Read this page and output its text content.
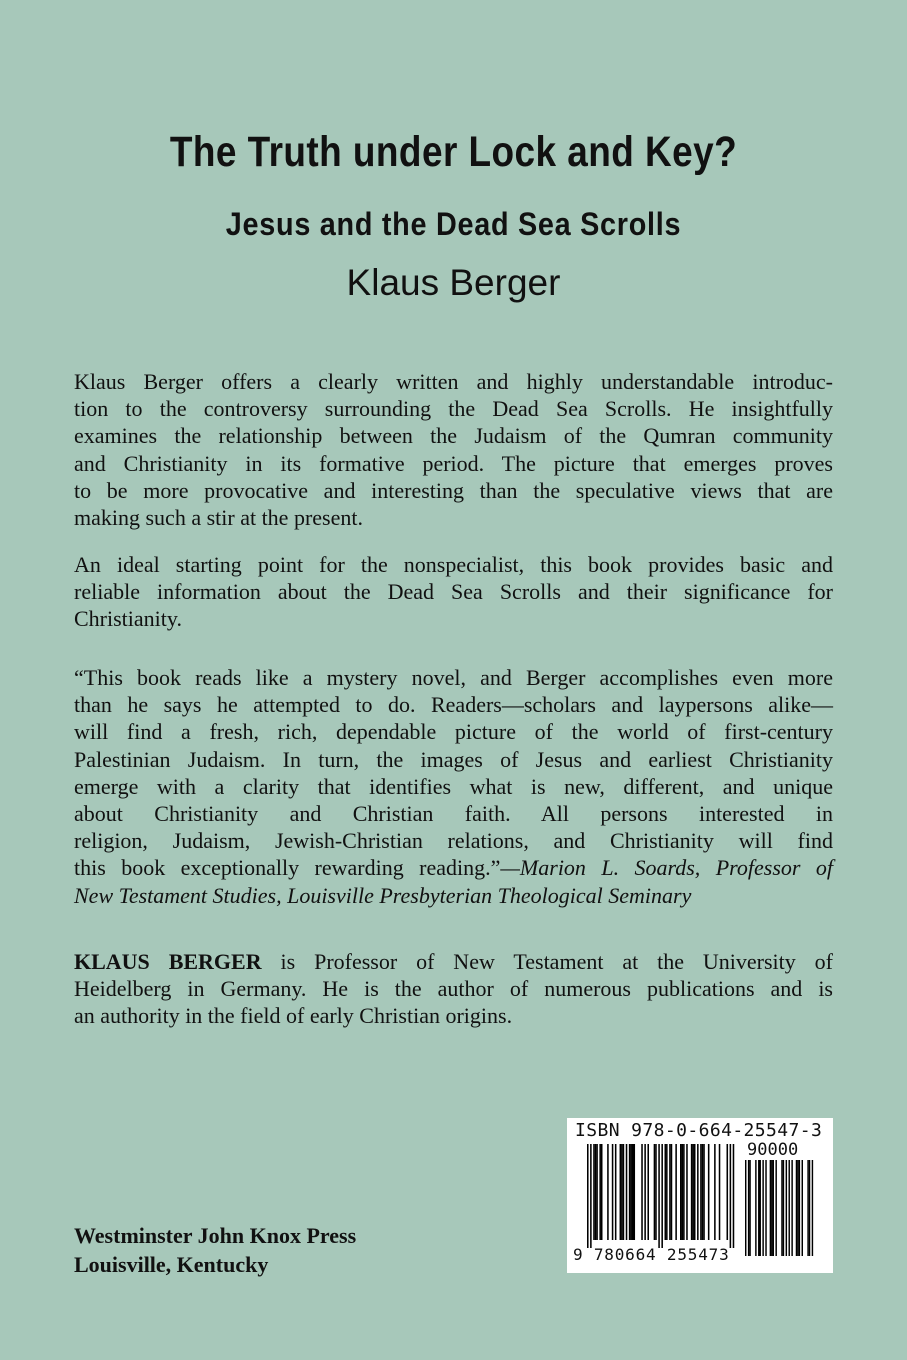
The Truth under Lock and Key?
Jesus and the Dead Sea Scrolls
Klaus Berger
Klaus Berger offers a clearly written and highly understandable introduc-
tion to the controversy surrounding the Dead Sea Scrolls. He insightfully
examines the relationship between the Judaism of the Qumran community
and Christianity in its formative period. The picture that emerges proves
to be more provocative and interesting than the speculative views that are
making such a stir at the present.
An ideal starting point for the nonspecialist, this book provides basic and
reliable information about the Dead Sea Scrolls and their significance for
Christianity.
“This book reads like a mystery novel, and Berger accomplishes even more
than he says he attempted to do. Readers—scholars and laypersons alike—
will find a fresh, rich, dependable picture of the world of first-century
Palestinian Judaism. In turn, the images of Jesus and earliest Christianity
emerge with a clarity that identifies what is new, different, and unique
about Christianity and Christian faith. All persons interested in
religion, Judaism, Jewish-Christian relations, and Christianity will find
this book exceptionally rewarding reading.”—Marion L. Soards, Professor of
New Testament Studies, Louisville Presbyterian Theological Seminary
KLAUS BERGER is Professor of New Testament at the University of
Heidelberg in Germany. He is the author of numerous publications and is
an authority in the field of early Christian origins.
Westminster John Knox Press
Louisville, Kentucky
ISBN 978-0-664-25547-3
90000
9 780664 255473
